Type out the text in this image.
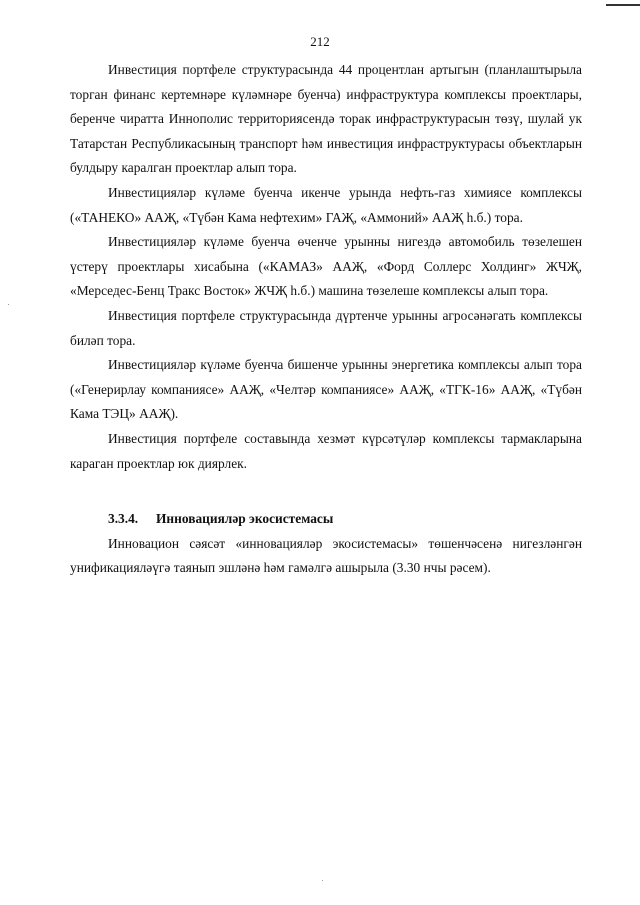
212

Инвестиция портфеле структурасында 44 процентлан артыгын (планлаштырыла торган финанс кертемнәре күләмнәре буенча) инфраструктура комплексы проектлары, беренче чиратта Иннополис территориясендә торак инфраструктурасын төзү, шулай ук Татарстан Республикасының транспорт һәм инвестиция инфраструктурасы объектларын булдыру каралган проектлар алып тора.

Инвестицияләр күләме буенча икенче урында нефть-газ химиясе комплексы («ТАНЕКО» ААҖ, «Түбән Кама нефтехим» ГАҖ, «Аммоний» ААҖ һ.б.) тора.

Инвестицияләр күләме буенча өченче урынны нигездә автомобиль төзелешен үстерү проектлары хисабына («КАМАЗ» ААҖ, «Форд Соллерс Холдинг» ЖЧҖ, «Мерседес-Бенц Тракс Восток» ЖЧҖ һ.б.) машина төзелеше комплексы алып тора.

Инвестиция портфеле структурасында дүртенче урынны агросәнәгать комплексы биләп тора.

Инвестицияләр күләме буенча бишенче урынны энергетика комплексы алып тора («Генерирлау компаниясе» ААҖ, «Челтәр компаниясе» ААҖ, «ТГК-16» ААҖ, «Түбән Кама ТЭЦ» ААҖ).

Инвестиция портфеле составында хезмәт күрсәтүләр комплексы тармакларына караган проектлар юк диярлек.

3.3.4. Инновацияләр экосистемасы

Инновацион сәясәт «инновацияләр экосистемасы» төшенчәсенә нигезләнгән унификацияләүгә таянып эшләнә һәм гамәлгә ашырыла (3.30 нчы рәсем).
